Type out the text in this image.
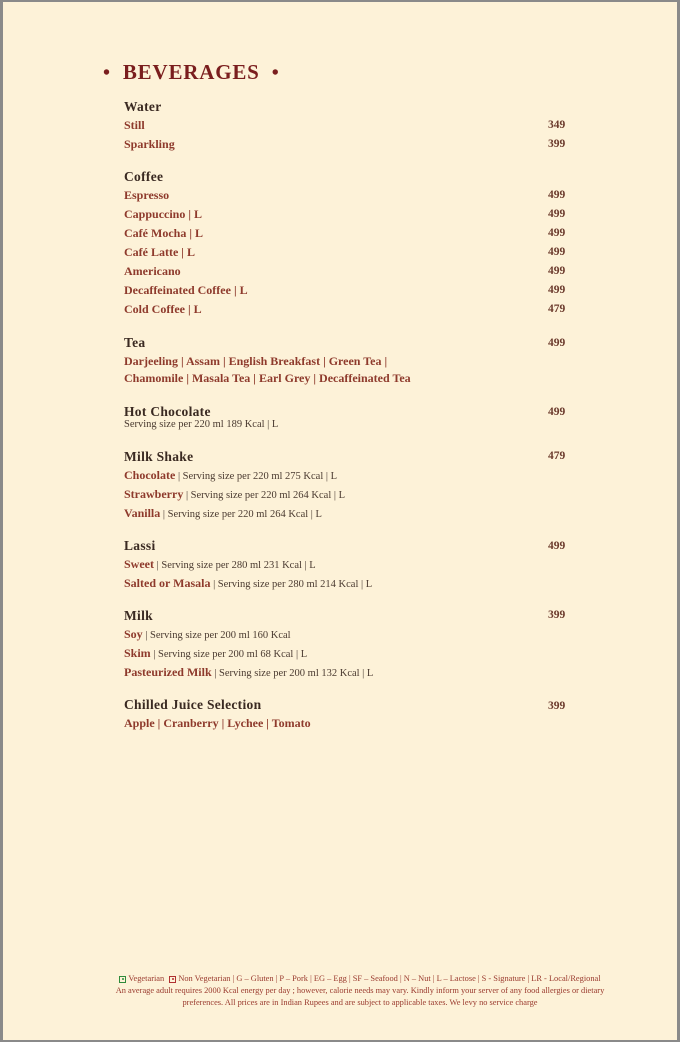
• BEVERAGES •
Water
Still	349
Sparkling	399
Coffee
Espresso	499
Cappuccino | L	499
Café Mocha | L	499
Café Latte | L	499
Americano	499
Decaffeinated Coffee | L	499
Cold Coffee | L	479
Tea	499
Darjeeling | Assam | English Breakfast | Green Tea |
Chamomile | Masala Tea | Earl Grey | Decaffeinated Tea
Hot Chocolate	499
Serving size per 220 ml 189 Kcal | L
Milk Shake	479
Chocolate | Serving size per 220 ml 275 Kcal | L
Strawberry | Serving size per 220 ml 264 Kcal | L
Vanilla | Serving size per 220 ml 264 Kcal | L
Lassi	499
Sweet | Serving size per 280 ml 231 Kcal | L
Salted or Masala | Serving size per 280 ml 214 Kcal | L
Milk	399
Soy | Serving size per 200 ml 160 Kcal
Skim | Serving size per 200 ml 68 Kcal | L
Pasteurized Milk | Serving size per 200 ml 132 Kcal | L
Chilled Juice Selection	399
Apple | Cranberry | Lychee | Tomato
Vegetarian Non Vegetarian | G – Gluten | P – Pork | EG – Egg | SF – Seafood | N – Nut | L – Lactose | S - Signature | LR - Local/Regional
An average adult requires 2000 Kcal energy per day ; however, calorie needs may vary. Kindly inform your server of any food allergies or dietary
preferences. All prices are in Indian Rupees and are subject to applicable taxes. We levy no service charge
